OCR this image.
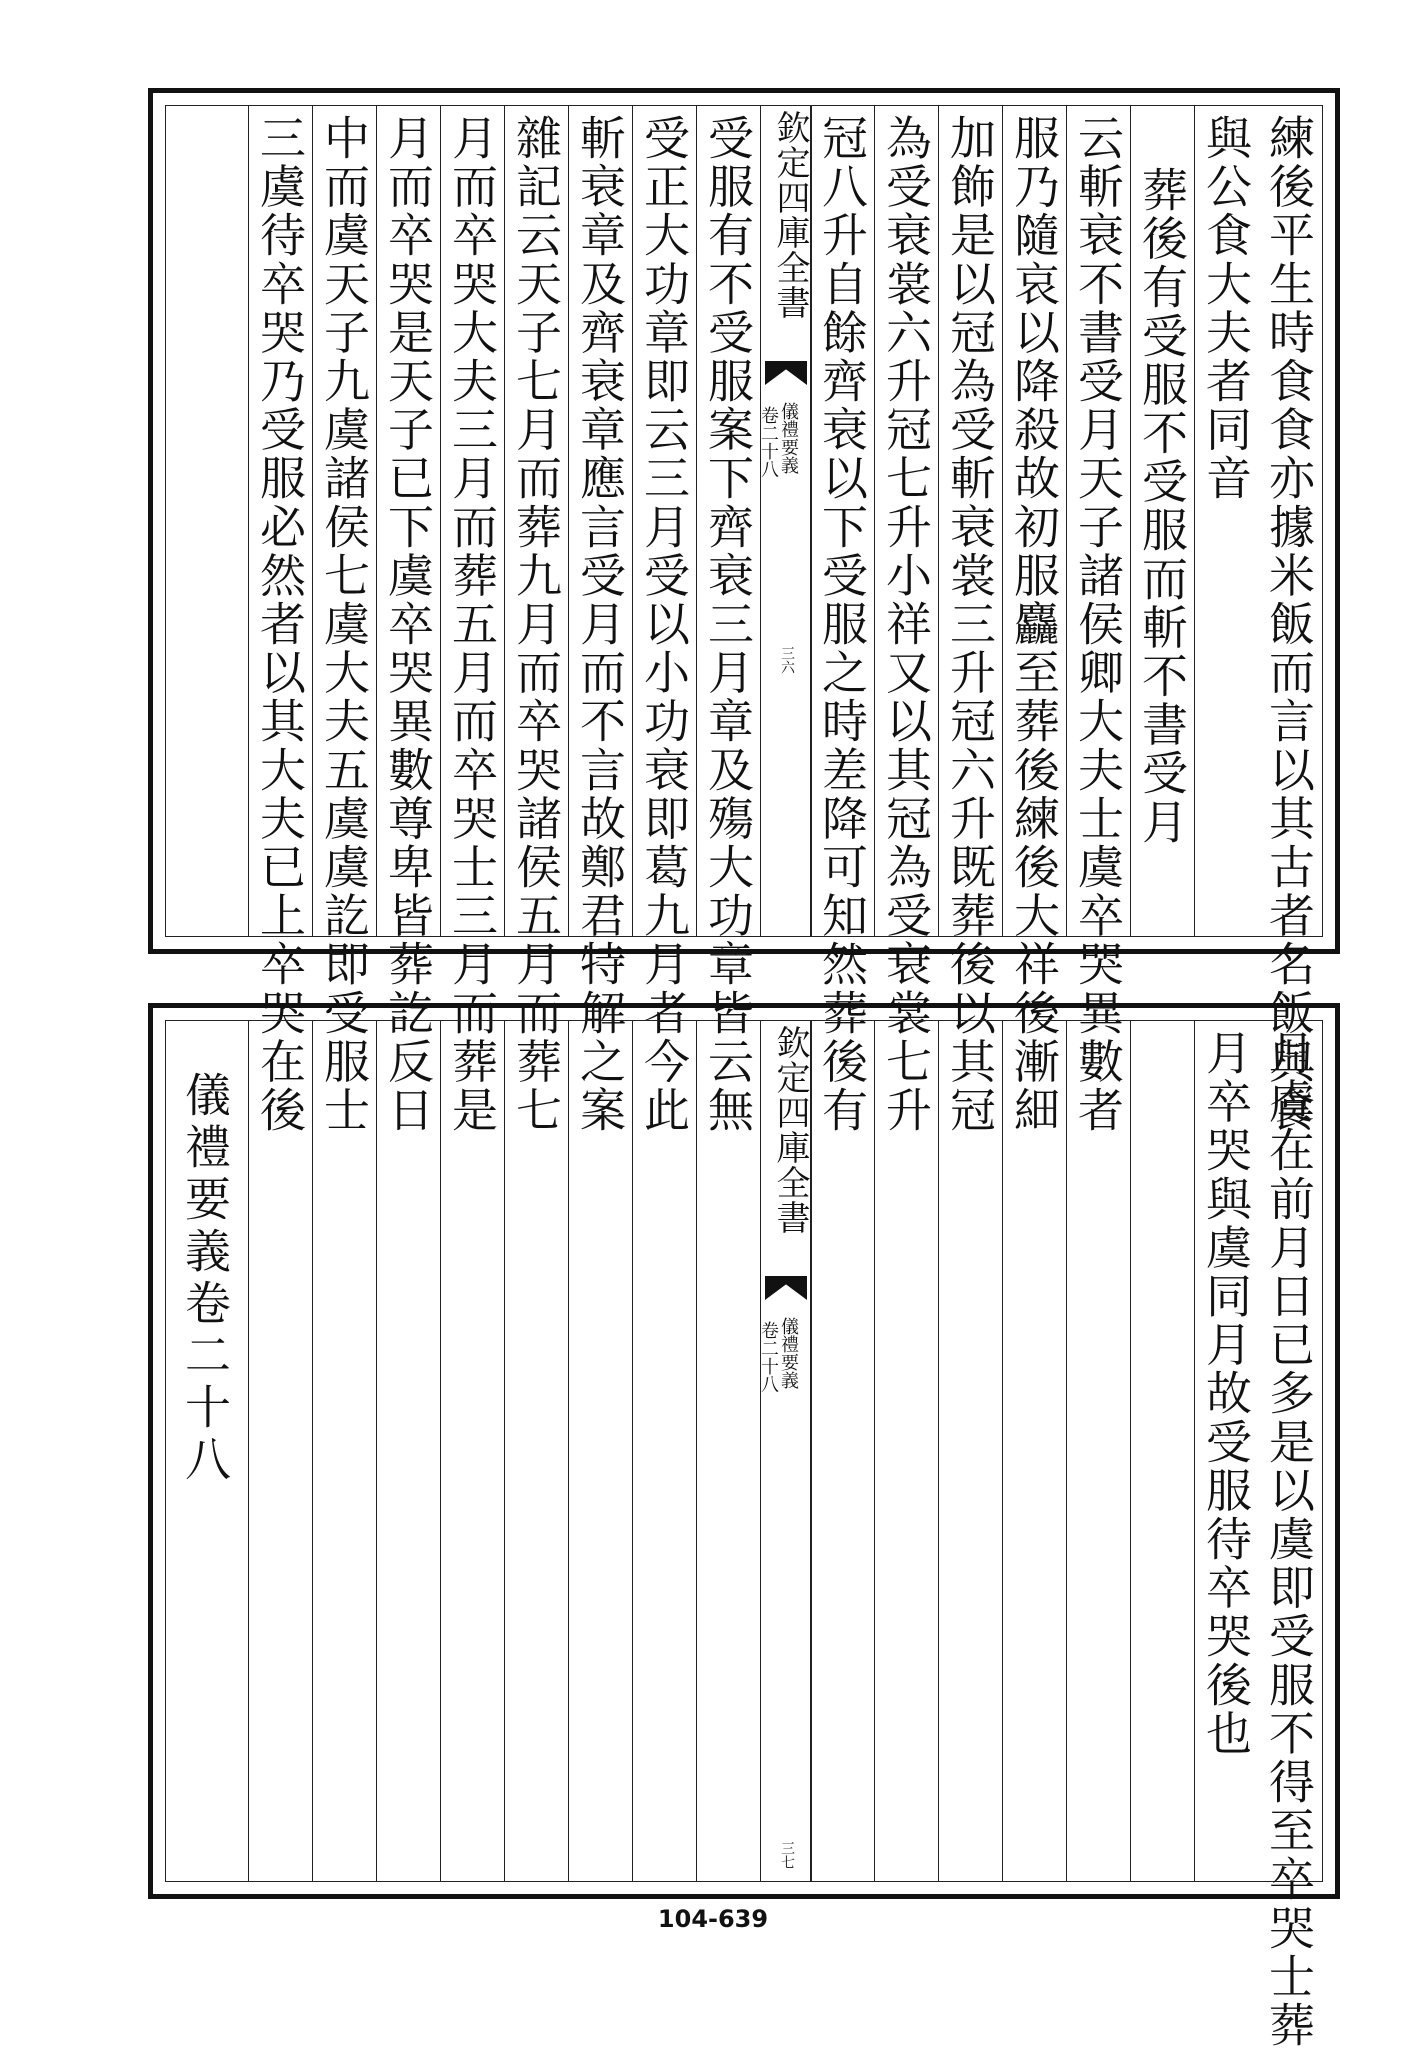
練後平生時食食亦據米飯而言以其古者名飯與食
與公食大夫者同音
葬後有受服不受服而斬不書受月
云斬衰不書受月天子諸侯卿大夫士虞卒哭異數者
服乃隨哀以降殺故初服麤至葬後練後大祥後漸細
加飾是以冠為受斬衰裳三升冠六升既葬後以其冠
為受衰裳六升冠七升小祥又以其冠為受衰裳七升
冠八升自餘齊衰以下受服之時差降可知然葬後有
欽定四庫全書
儀禮要義
卷二十八
三六
受服有不受服案下齊衰三月章及殤大功章皆云無
受正大功章即云三月受以小功衰即葛九月者今此
斬衰章及齊衰章應言受月而不言故鄭君特解之案
雜記云天子七月而葬九月而卒哭諸侯五月而葬七
月而卒哭大夫三月而葬五月而卒哭士三月而葬是
月而卒哭是天子已下虞卒哭異數尊卑皆葬訖反日
中而虞天子九虞諸侯七虞大夫五虞虞訖即受服士
三虞待卒哭乃受服必然者以其大夫已上卒哭在後
月虞在前月日已多是以虞即受服不得至卒哭士葬
月卒哭與虞同月故受服待卒哭後也
欽定四庫全書
儀禮要義
卷二十八
三七
儀禮要義卷二十八
104-639
